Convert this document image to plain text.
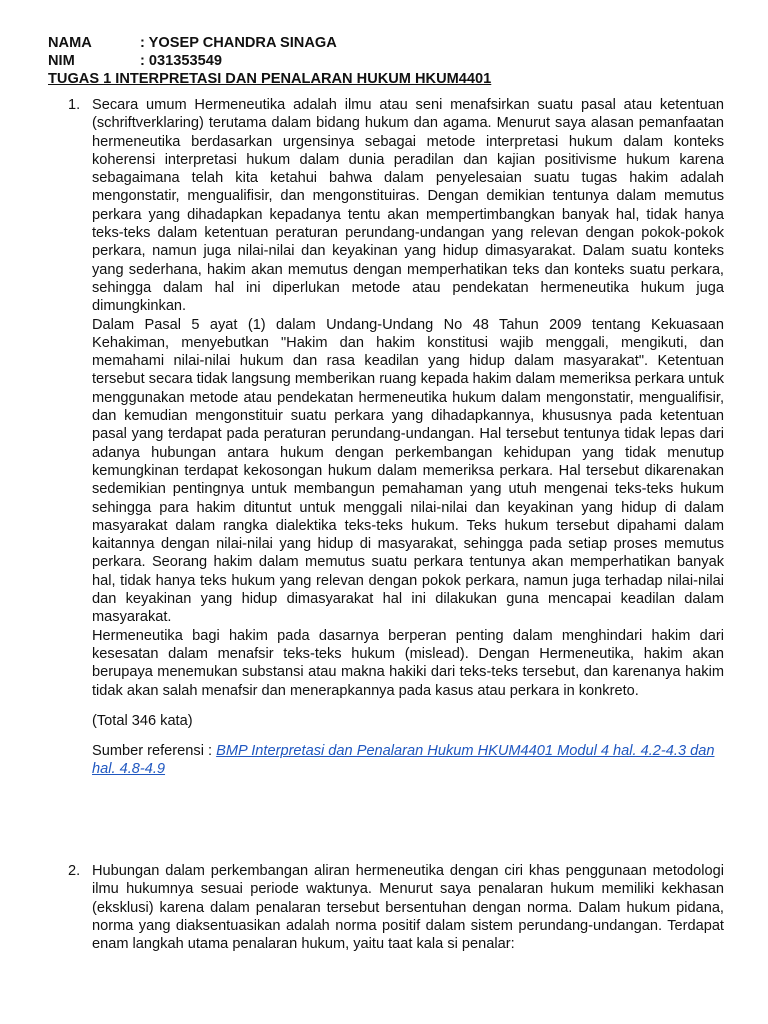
NAMA	: YOSEP CHANDRA SINAGA
NIM	: 031353549
TUGAS 1 INTERPRETASI DAN PENALARAN HUKUM HKUM4401
1. Secara umum Hermeneutika adalah ilmu atau seni menafsirkan suatu pasal atau ketentuan (schriftverklaring) terutama dalam bidang hukum dan agama. Menurut saya alasan pemanfaatan hermeneutika berdasarkan urgensinya sebagai metode interpretasi hukum dalam konteks koherensi interpretasi hukum dalam dunia peradilan dan kajian positivisme hukum karena sebagaimana telah kita ketahui bahwa dalam penyelesaian suatu tugas hakim adalah mengonstatir, mengualifisir, dan mengonstituiras. Dengan demikian tentunya dalam memutus perkara yang dihadapkan kepadanya tentu akan mempertimbangkan banyak hal, tidak hanya teks-teks dalam ketentuan peraturan perundang-undangan yang relevan dengan pokok-pokok perkara, namun juga nilai-nilai dan keyakinan yang hidup dimasyarakat. Dalam suatu konteks yang sederhana, hakim akan memutus dengan memperhatikan teks dan konteks suatu perkara, sehingga dalam hal ini diperlukan metode atau pendekatan hermeneutika hukum juga dimungkinkan.

Dalam Pasal 5 ayat (1) dalam Undang-Undang No 48 Tahun 2009 tentang Kekuasaan Kehakiman, menyebutkan "Hakim dan hakim konstitusi wajib menggali, mengikuti, dan memahami nilai-nilai hukum dan rasa keadilan yang hidup dalam masyarakat". Ketentuan tersebut secara tidak langsung memberikan ruang kepada hakim dalam memeriksa perkara untuk menggunakan metode atau pendekatan hermeneutika hukum dalam mengonstatir, mengualifisir, dan kemudian mengonstituir suatu perkara yang dihadapkannya, khususnya pada ketentuan pasal yang terdapat pada peraturan perundang-undangan. Hal tersebut tentunya tidak lepas dari adanya hubungan antara hukum dengan perkembangan kehidupan yang tidak menutup kemungkinan terdapat kekosongan hukum dalam memeriksa perkara. Hal tersebut dikarenakan sedemikian pentingnya untuk membangun pemahaman yang utuh mengenai teks-teks hukum sehingga para hakim dituntut untuk menggali nilai-nilai dan keyakinan yang hidup di dalam masyarakat dalam rangka dialektika teks-teks hukum. Teks hukum tersebut dipahami dalam kaitannya dengan nilai-nilai yang hidup di masyarakat, sehingga pada setiap proses memutus perkara. Seorang hakim dalam memutus suatu perkara tentunya akan memperhatikan banyak hal, tidak hanya teks hukum yang relevan dengan pokok perkara, namun juga terhadap nilai-nilai dan keyakinan yang hidup dimasyarakat hal ini dilakukan guna mencapai keadilan dalam masyarakat.

Hermeneutika bagi hakim pada dasarnya berperan penting dalam menghindari hakim dari kesesatan dalam menafsir teks-teks hukum (mislead). Dengan Hermeneutika, hakim akan berupaya menemukan substansi atau makna hakiki dari teks-teks tersebut, dan karenanya hakim tidak akan salah menafsir dan menerapkannya pada kasus atau perkara in konkreto.

(Total 346 kata)
Sumber referensi : BMP Interpretasi dan Penalaran Hukum HKUM4401 Modul 4 hal. 4.2-4.3 dan hal. 4.8-4.9
2. Hubungan dalam perkembangan aliran hermeneutika dengan ciri khas penggunaan metodologi ilmu hukumnya sesuai periode waktunya. Menurut saya penalaran hukum memiliki kekhasan (eksklusi) karena dalam penalaran tersebut bersentuhan dengan norma. Dalam hukum pidana, norma yang diaksentuasikan adalah norma positif dalam sistem perundang-undangan. Terdapat enam langkah utama penalaran hukum, yaitu taat kala si penalar:
